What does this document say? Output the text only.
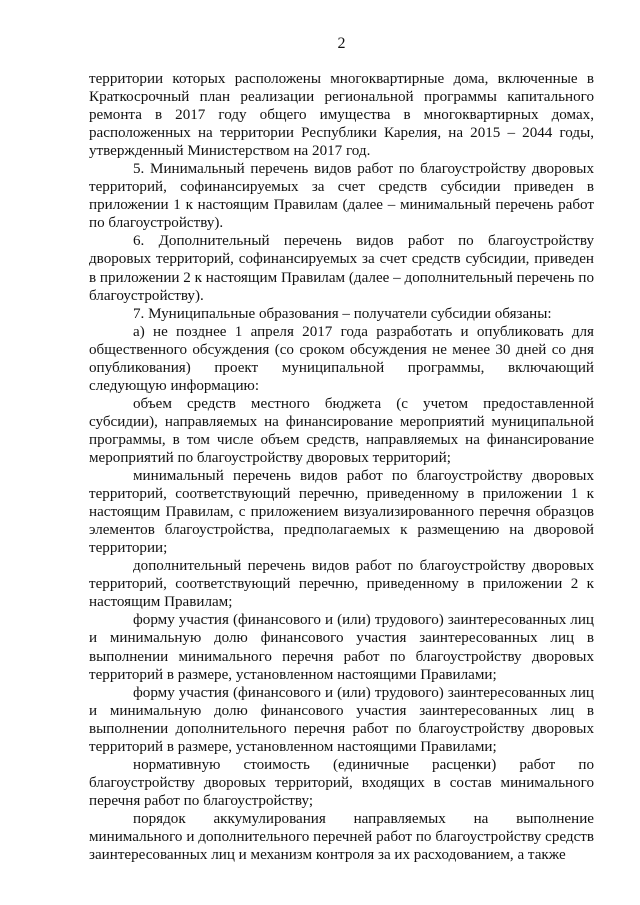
2

территории которых расположены многоквартирные дома, включенные в Краткосрочный план реализации региональной программы капитального ремонта в 2017 году общего имущества в многоквартирных домах, расположенных на территории Республики Карелия, на 2015 – 2044 годы, утвержденный Министерством на 2017 год.

5. Минимальный перечень видов работ по благоустройству дворовых территорий, софинансируемых за счет средств субсидии приведен в приложении 1 к настоящим Правилам (далее – минимальный перечень работ по благоустройству).

6. Дополнительный перечень видов работ по благоустройству дворовых территорий, софинансируемых за счет средств субсидии, приведен в приложении 2 к настоящим Правилам (далее – дополнительный перечень по благоустройству).

7. Муниципальные образования – получатели субсидии обязаны:

а) не позднее 1 апреля 2017 года разработать и опубликовать для общественного обсуждения (со сроком обсуждения не менее 30 дней со дня опубликования) проект муниципальной программы, включающий следующую информацию:

объем средств местного бюджета (с учетом предоставленной субсидии), направляемых на финансирование мероприятий муниципальной программы, в том числе объем средств, направляемых на финансирование мероприятий по благоустройству дворовых территорий;

минимальный перечень видов работ по благоустройству дворовых территорий, соответствующий перечню, приведенному в приложении 1 к настоящим Правилам, с приложением визуализированного перечня образцов элементов благоустройства, предполагаемых к размещению на дворовой территории;

дополнительный перечень видов работ по благоустройству дворовых территорий, соответствующий перечню, приведенному в приложении 2 к настоящим Правилам;

форму участия (финансового и (или) трудового) заинтересованных лиц и минимальную долю финансового участия заинтересованных лиц в выполнении минимального перечня работ по благоустройству дворовых территорий в размере, установленном настоящими Правилами;

форму участия (финансового и (или) трудового) заинтересованных лиц и минимальную долю финансового участия заинтересованных лиц в выполнении дополнительного перечня работ по благоустройству дворовых территорий в размере, установленном настоящими Правилами;

нормативную стоимость (единичные расценки) работ по благоустройству дворовых территорий, входящих в состав минимального перечня работ по благоустройству;

порядок аккумулирования направляемых на выполнение минимального и дополнительного перечней работ по благоустройству средств заинтересованных лиц и механизм контроля за их расходованием, а также
